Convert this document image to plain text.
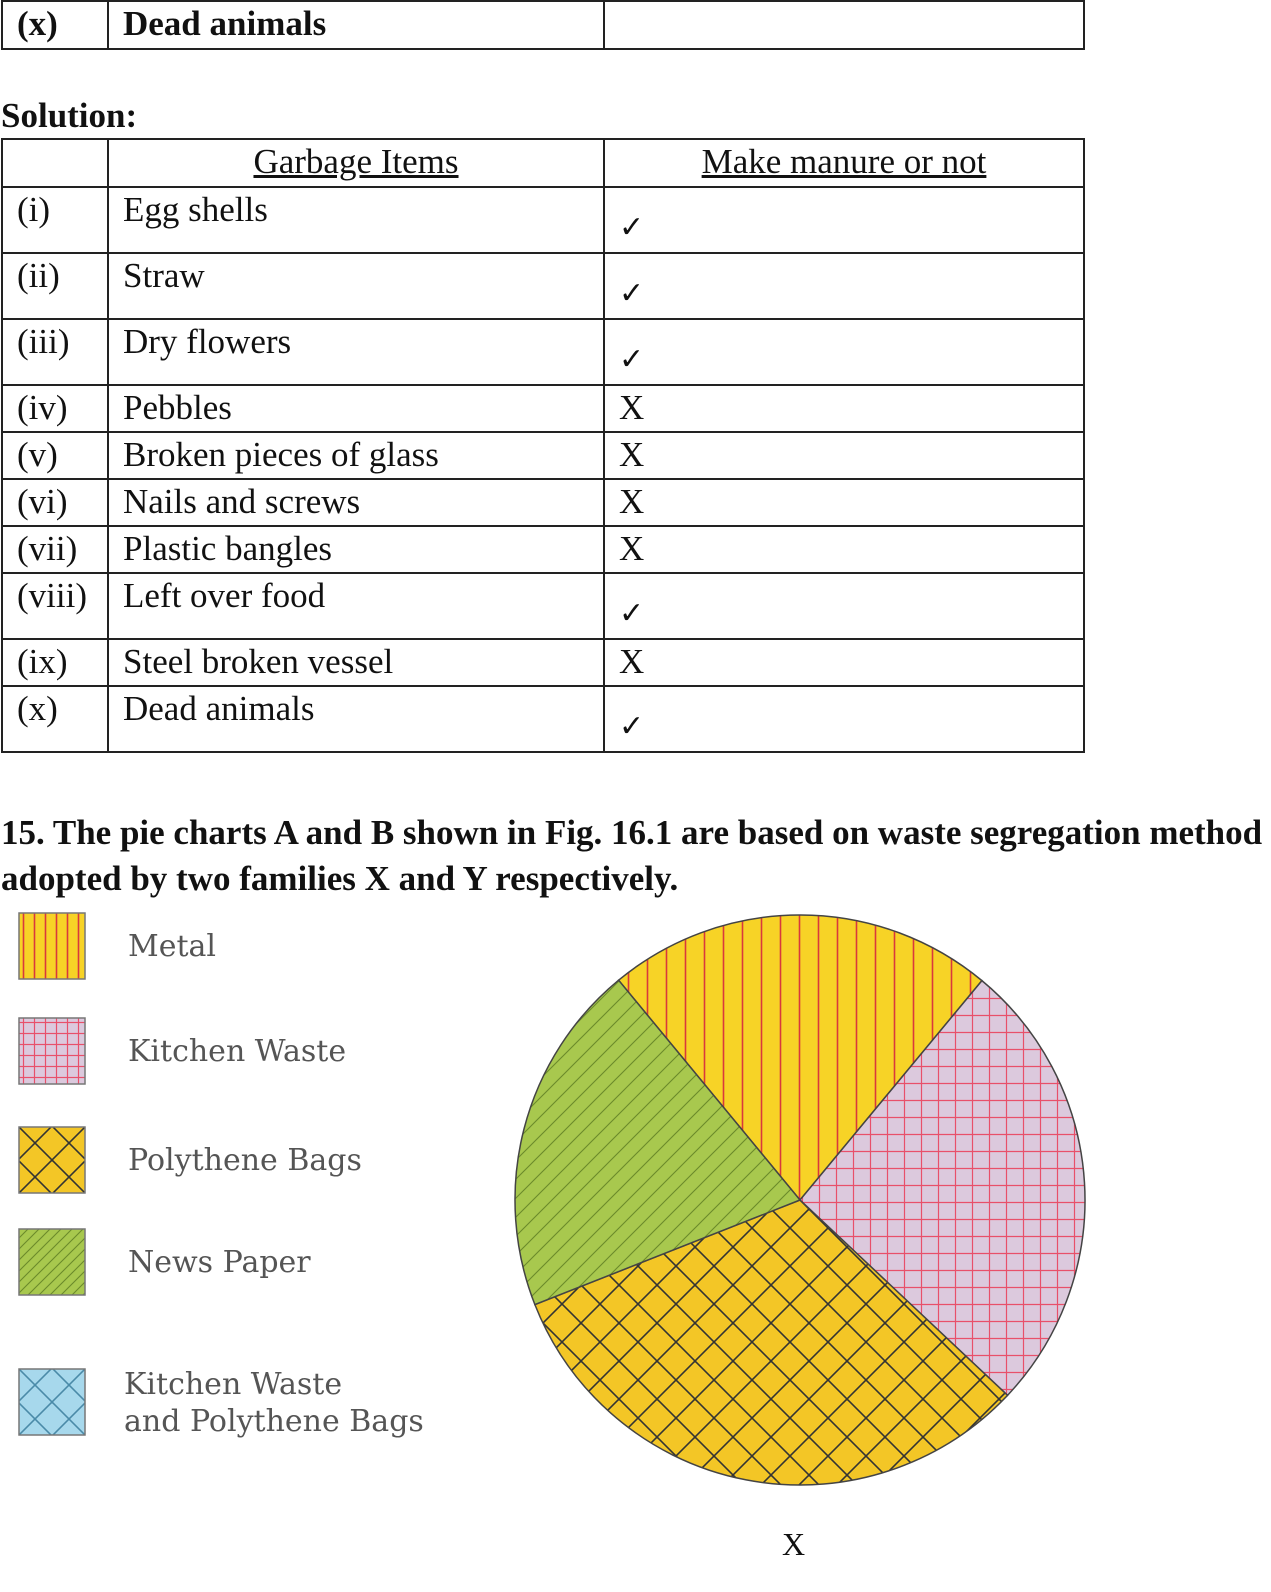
(x)	Dead animals	
Solution:
	Garbage Items	Make manure or not
(i)	Egg shells	✓
(ii)	Straw	✓
(iii)	Dry flowers	✓
(iv)	Pebbles	X
(v)	Broken pieces of glass	X
(vi)	Nails and screws	X
(vii)	Plastic bangles	X
(viii)	Left over food	✓
(ix)	Steel broken vessel	X
(x)	Dead animals	✓

15. The pie charts A and B shown in Fig. 16.1 are based on waste segregation method adopted by two families X and Y respectively.

Metal
Kitchen Waste
Polythene Bags
News Paper
Kitchen Waste
and Polythene Bags
X
